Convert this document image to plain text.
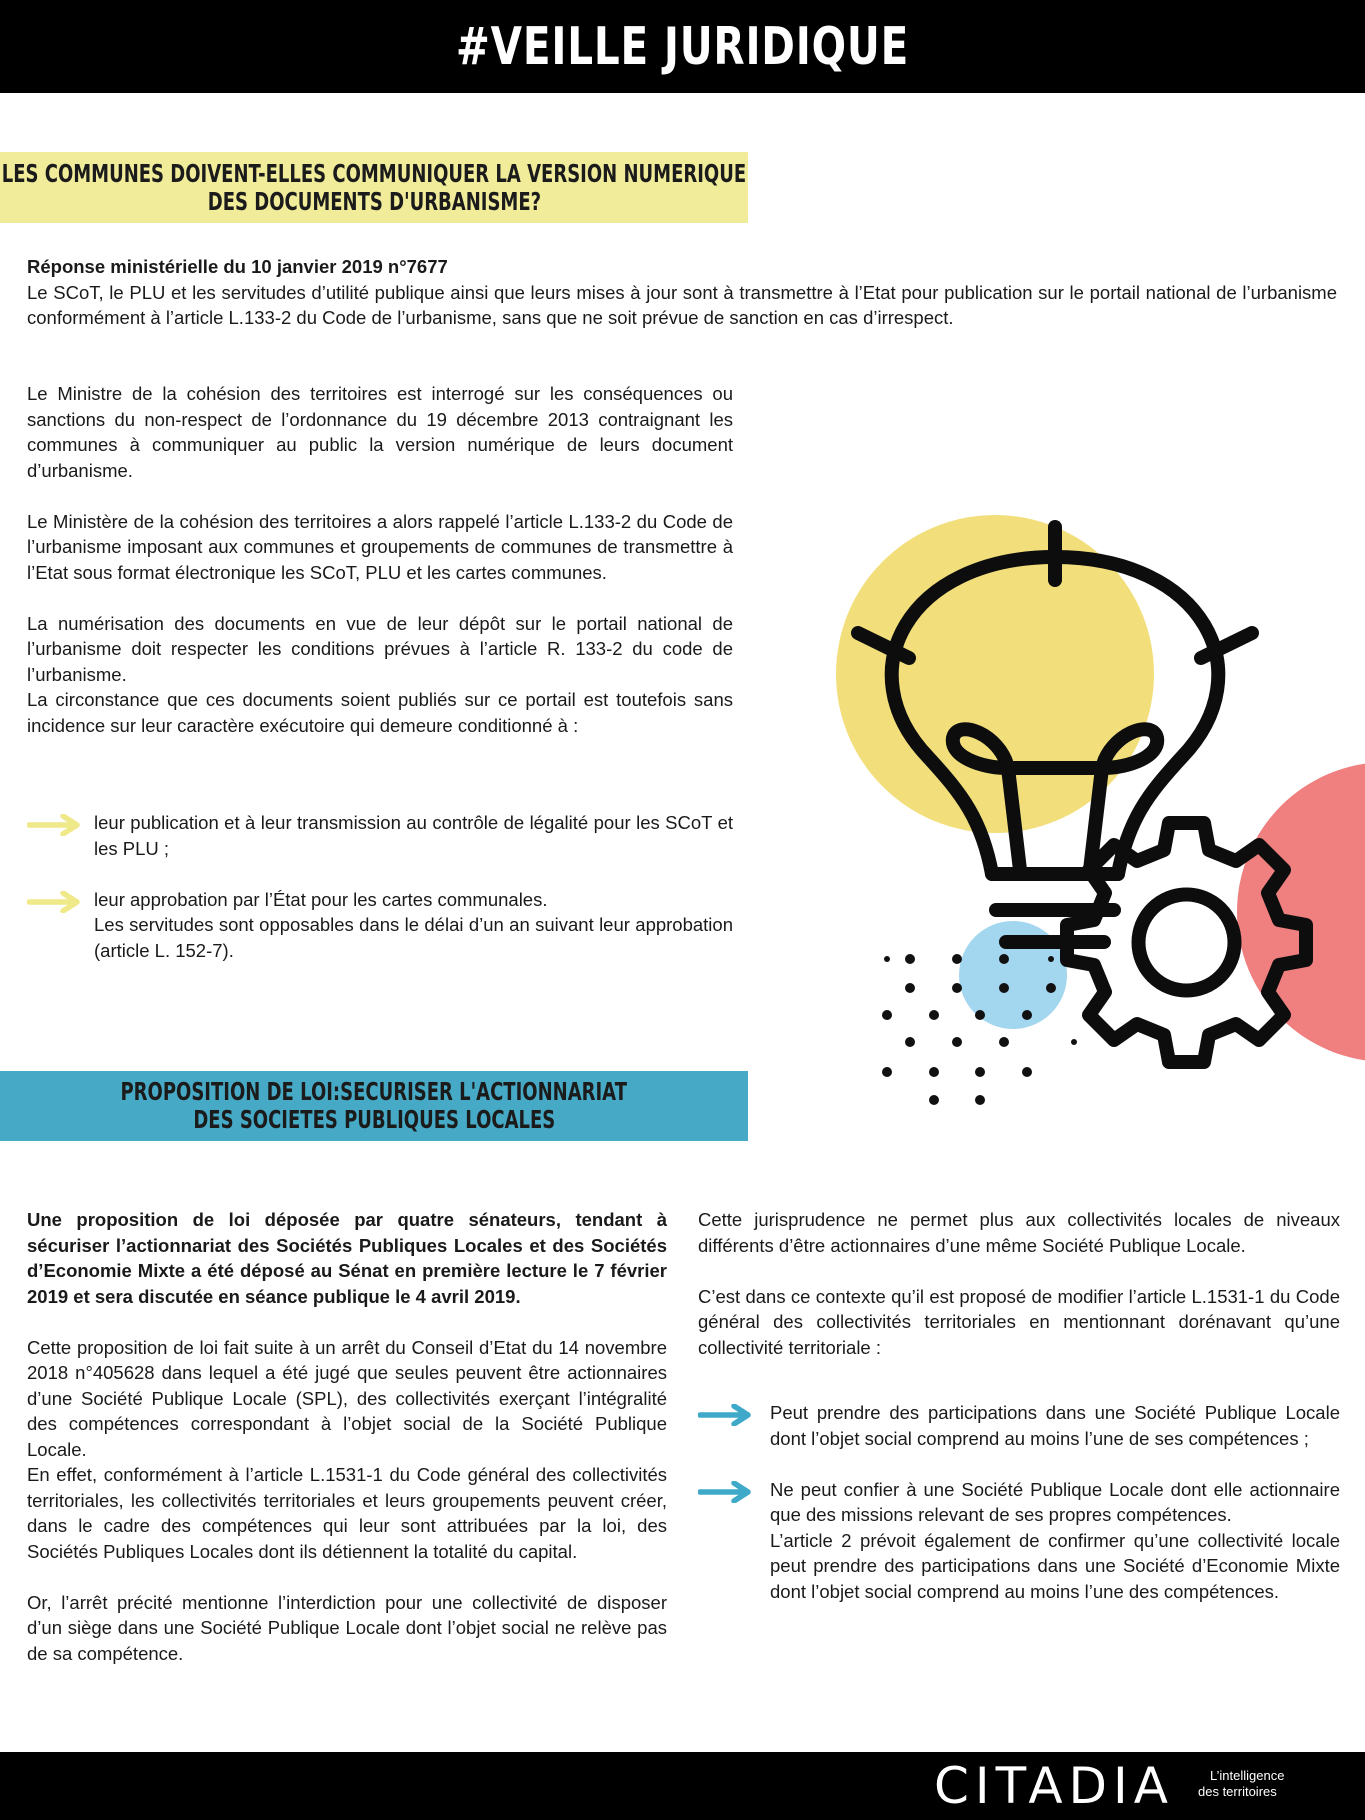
#VEILLE JURIDIQUE
LES COMMUNES DOIVENT-ELLES COMMUNIQUER LA VERSION NUMERIQUE
DES DOCUMENTS D'URBANISME?

Réponse ministérielle du 10 janvier 2019 n°7677

Le SCoT, le PLU et les servitudes d’utilité publique ainsi que leurs mises à jour sont à transmettre à l’Etat pour publication sur le portail national de l’urbanisme conformément à l’article L.133-2 du Code de l’urbanisme, sans que ne soit prévue de sanction en cas d’irrespect.

Le Ministre de la cohésion des territoires est interrogé sur les conséquences ou sanctions du non-respect de l’ordonnance du 19 décembre 2013 contraignant les communes à communiquer au public la version numérique de leurs document d’urbanisme.

Le Ministère de la cohésion des territoires a alors rappelé l’article L.133-2 du Code de l’urbanisme imposant aux communes et groupements de communes de transmettre à l’Etat sous format électronique les SCoT, PLU et les cartes communes.

La numérisation des documents en vue de leur dépôt sur le portail national de l’urbanisme doit respecter les conditions prévues à l’article R. 133-2 du code de l’urbanisme.

La circonstance que ces documents soient publiés sur ce portail est toutefois sans incidence sur leur caractère exécutoire qui demeure conditionné à :

leur publication et à leur transmission au contrôle de légalité pour les SCoT et les PLU ;
leur approbation par l’État pour les cartes communales.
Les servitudes sont opposables dans le délai d’un an suivant leur approbation (article L. 152-7).
PROPOSITION DE LOI:SECURISER L'ACTIONNARIAT
DES SOCIETES PUBLIQUES LOCALES

Une proposition de loi déposée par quatre sénateurs, tendant à sécuriser l’actionnariat des Sociétés Publiques Locales et des Sociétés d’Economie Mixte a été déposé au Sénat en première lecture le 7 février 2019 et sera discutée en séance publique le 4 avril 2019.

Cette proposition de loi fait suite à un arrêt du Conseil d’Etat du 14 novembre 2018 n°405628 dans lequel a été jugé que seules peuvent être actionnaires d’une Société Publique Locale (SPL), des collectivités exerçant l’intégralité des compétences correspondant à l’objet social de la Société Publique Locale.

En effet, conformément à l’article L.1531-1 du Code général des collectivités territoriales, les collectivités territoriales et leurs groupements peuvent créer, dans le cadre des compétences qui leur sont attribuées par la loi, des Sociétés Publiques Locales dont ils détiennent la totalité du capital.

Or, l’arrêt précité mentionne l’interdiction pour une collectivité de disposer d’un siège dans une Société Publique Locale dont l’objet social ne relève pas de sa compétence.

Cette jurisprudence ne permet plus aux collectivités locales de niveaux différents d’être actionnaires d’une même Société Publique Locale.

C’est dans ce contexte qu’il est proposé de modifier l’article L.1531-1 du Code général des collectivités territoriales en mentionnant dorénavant qu’une collectivité territoriale :

Peut prendre des participations dans une Société Publique Locale dont l’objet social comprend au moins l’une de ses compétences ;
Ne peut confier à une Société Publique Locale dont elle actionnaire que des missions relevant de ses propres compétences.
L’article 2 prévoit également de confirmer qu’une collectivité locale peut prendre des participations dans une Société d’Economie Mixte dont l’objet social comprend au moins l’une des compétences.
CITADIA	L’intelligence
des territoires
